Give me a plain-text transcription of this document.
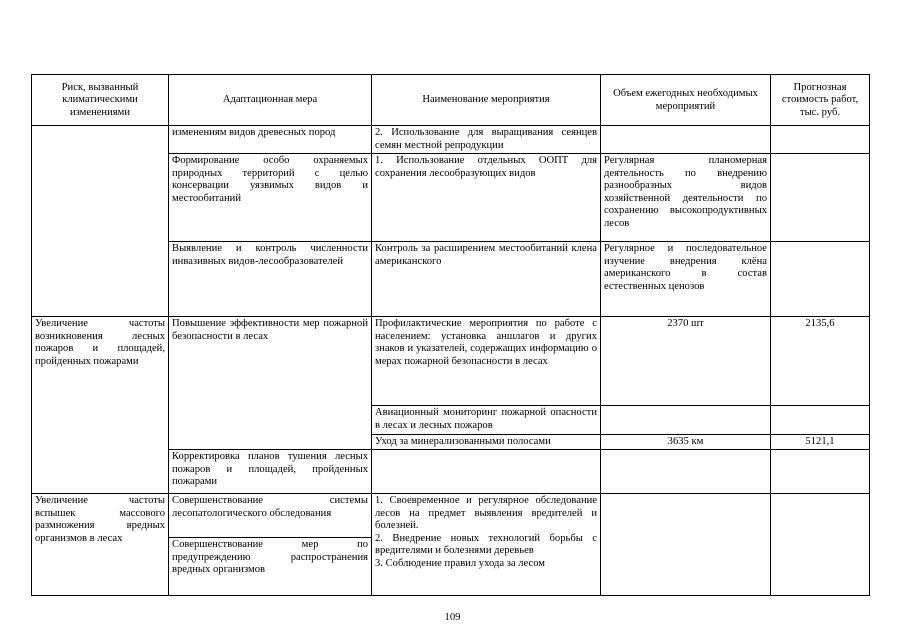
Риск, вызванный климатическими изменениями	Адаптационная мера	Наименование мероприятия	Объем ежегодных необходимых мероприятий	Прогнозная стоимость работ, тыс. руб.
	изменениям видов древесных пород	2. Использование для выращивания сеянцев семян местной репродукции		
	Формирование особо охраняемых природных территорий с целью консервации уязвимых видов и местообитаний	1. Использование отдельных ООПТ для сохранения лесообразующих видов	Регулярная планомерная деятельность по внедрению разнообразных видов хозяйственной деятельности по сохранению высокопродуктивных лесов	
	Выявление и контроль численности инвазивных видов-лесообразователей	Контроль за расширением местообитаний клена американского	Регулярное и последовательное изучение внедрения клёна американского в состав естественных ценозов	
Увеличение частоты возникновения лесных пожаров и площадей, пройденных пожарами	Повышение эффективности мер пожарной безопасности в лесах	Профилактические мероприятия по работе с населением: установка аншлагов и других знаков и указателей, содержащих информацию о мерах пожарной безопасности в лесах	2370 шт	2135,6
		Авиационный мониторинг пожарной опасности в лесах и лесных пожаров		
		Уход за минерализованными полосами	3635 км	5121,1
	Корректировка планов тушения лесных пожаров и площадей, пройденных пожарами			
Увеличение частоты вспышек массового размножения вредных организмов в лесах	Совершенствование системы лесопатологического обследования	1. Своевременное и регулярное обследование лесов на предмет выявления вредителей и болезней.
2. Внедрение новых технологий борьбы с вредителями и болезнями деревьев
3. Соблюдение правил ухода за лесом		

	Совершенствование мер по предупреждению распространения вредных организмов			
109
